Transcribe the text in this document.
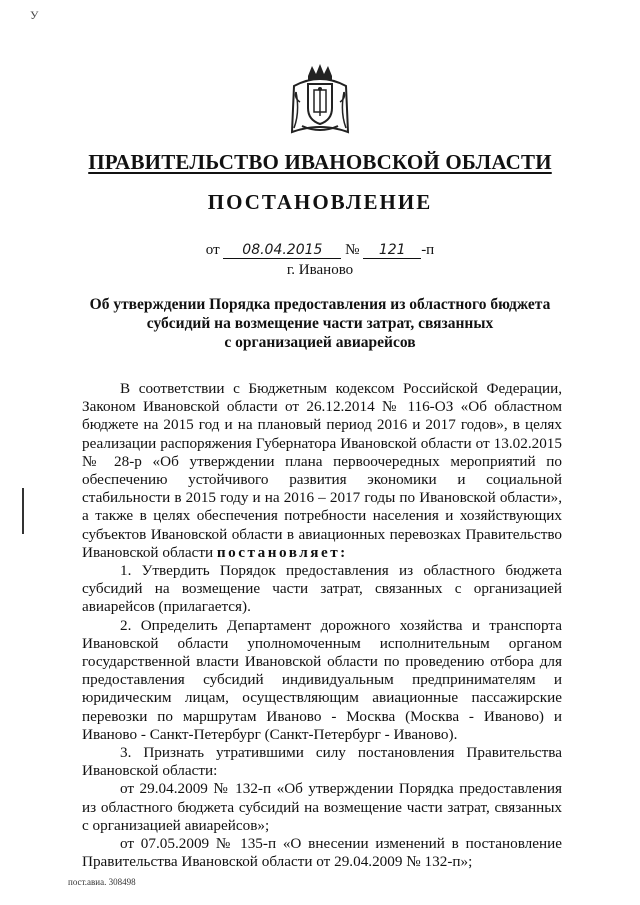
У
ПРАВИТЕЛЬСТВО ИВАНОВСКОЙ ОБЛАСТИ
ПОСТАНОВЛЕНИЕ
от 08.04.2015 № 121 -п
г. Иваново
Об утверждении Порядка предоставления из областного бюджета
субсидий на возмещение части затрат, связанных
с организацией авиарейсов

В соответствии с Бюджетным кодексом Российской Федерации, Законом Ивановской области от 26.12.2014 № 116-ОЗ «Об областном бюджете на 2015 год и на плановый период 2016 и 2017 годов», в целях реализации распоряжения Губернатора Ивановской области от 13.02.2015 № 28-р «Об утверждении плана первоочередных мероприятий по обеспечению устойчивого развития экономики и социальной стабильности в 2015 году и на 2016 – 2017 годы по Ивановской области», а также в целях обеспечения потребности населения и хозяйствующих субъектов Ивановской области в авиационных перевозках Правительство Ивановской области постановляет:

1. Утвердить Порядок предоставления из областного бюджета субсидий на возмещение части затрат, связанных с организацией авиарейсов (прилагается).

2. Определить Департамент дорожного хозяйства и транспорта Ивановской области уполномоченным исполнительным органом государственной власти Ивановской области по проведению отбора для предоставления субсидий индивидуальным предпринимателям и юридическим лицам, осуществляющим авиационные пассажирские перевозки по маршрутам Иваново - Москва (Москва - Иваново) и Иваново - Санкт-Петербург (Санкт-Петербург - Иваново).

3. Признать утратившими силу постановления Правительства Ивановской области:

от 29.04.2009 № 132-п «Об утверждении Порядка предоставления из областного бюджета субсидий на возмещение части затрат, связанных с организацией авиарейсов»;

от 07.05.2009 № 135-п «О внесении изменений в постановление Правительства Ивановской области от 29.04.2009 № 132-п»;

пост.авиа. 308498
